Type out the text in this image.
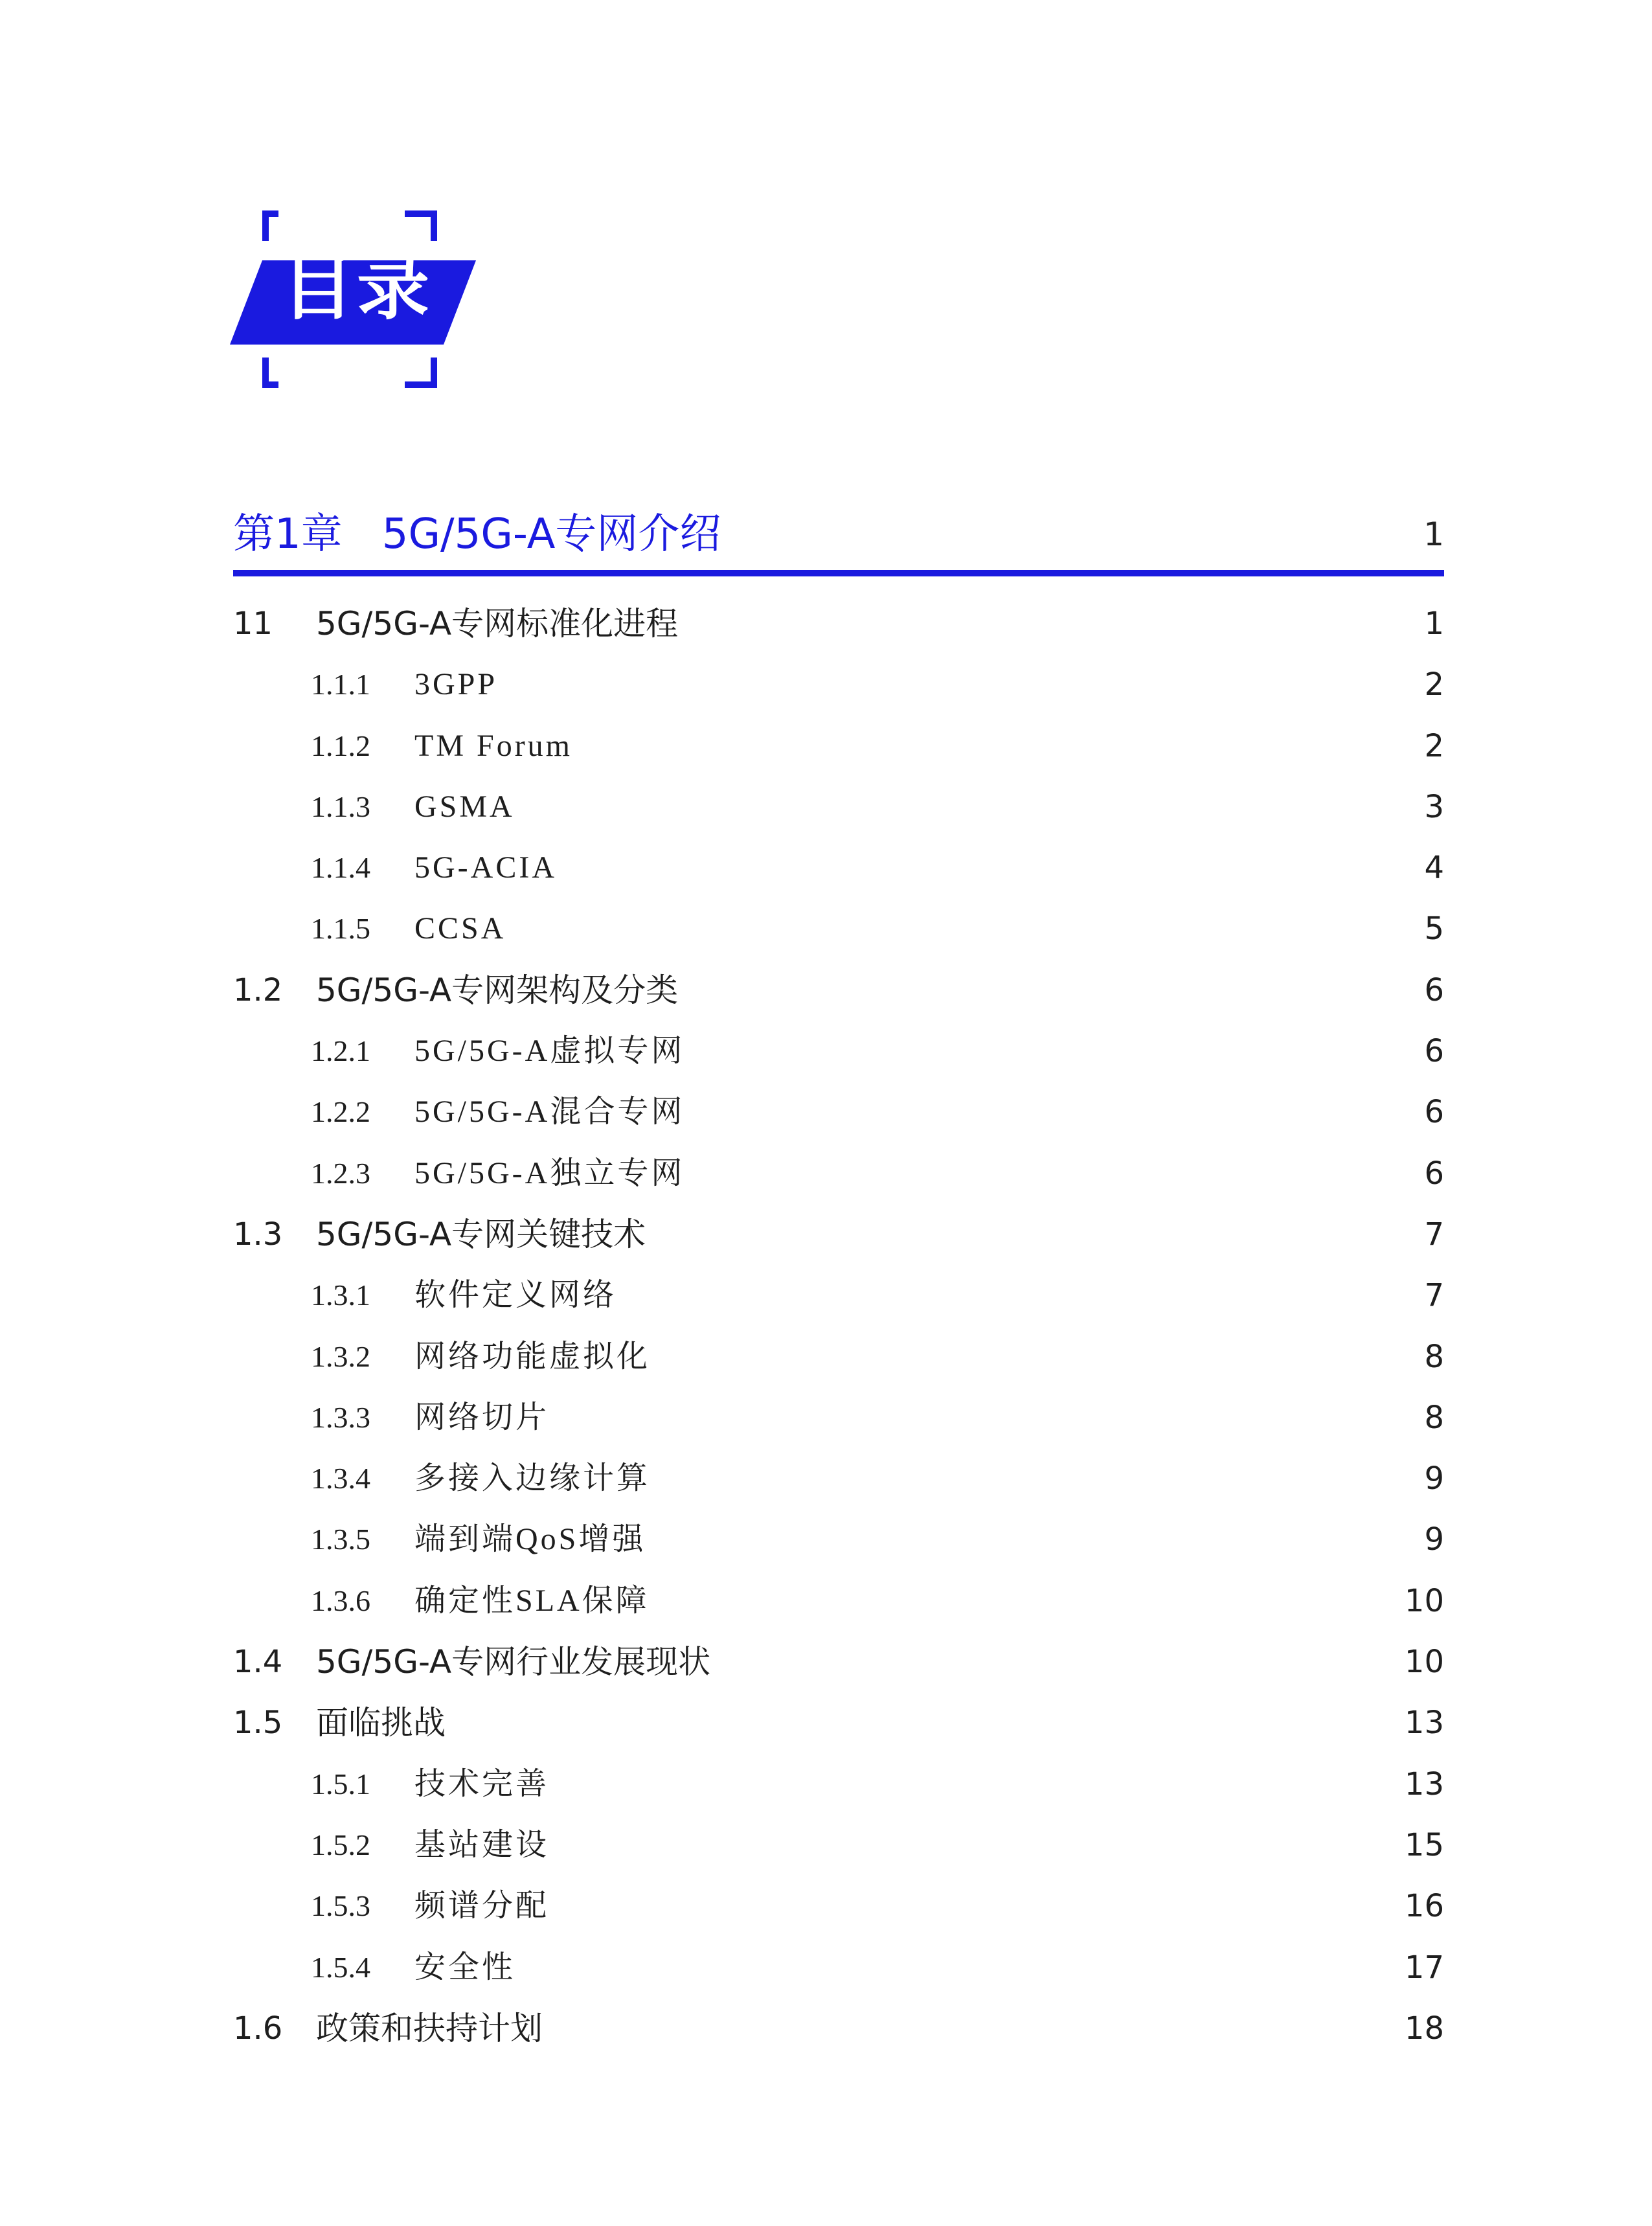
目录
第1章   5G/5G-A专网介绍	1
11 5G/5G-A专网标准化进程	1
1.1.1 3GPP	2
1.1.2 TM Forum	2
1.1.3 GSMA	3
1.1.4 5G-ACIA	4
1.1.5 CCSA	5
1.2 5G/5G-A专网架构及分类	6
1.2.1 5G/5G-A虚拟专网	6
1.2.2 5G/5G-A混合专网	6
1.2.3 5G/5G-A独立专网	6
1.3 5G/5G-A专网关键技术	7
1.3.1 软件定义网络	7
1.3.2 网络功能虚拟化	8
1.3.3 网络切片	8
1.3.4 多接入边缘计算	9
1.3.5 端到端QoS增强	9
1.3.6 确定性SLA保障	10
1.4 5G/5G-A专网行业发展现状	10
1.5 面临挑战	13
1.5.1 技术完善	13
1.5.2 基站建设	15
1.5.3 频谱分配	16
1.5.4 安全性	17
1.6 政策和扶持计划	18
